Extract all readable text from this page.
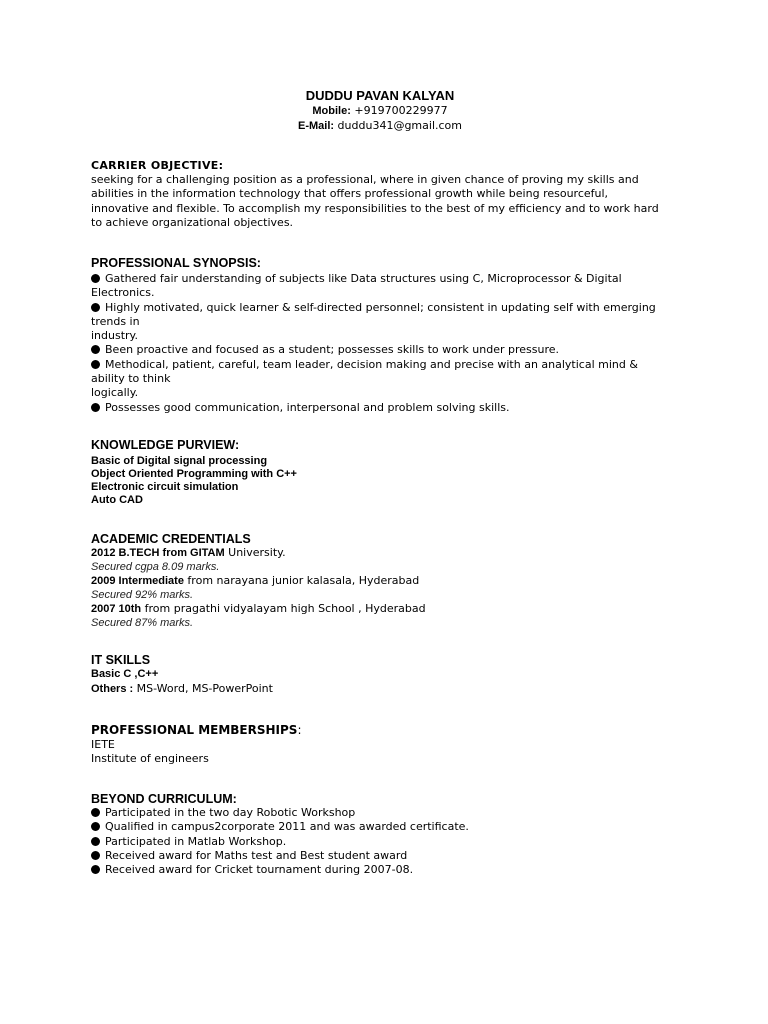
DUDDU PAVAN KALYAN
Mobile: +919700229977
E-Mail: duddu341@gmail.com
CARRIER OBJECTIVE:

seeking for a challenging position as a professional, where in given chance of proving my skills and

abilities in the information technology that offers professional growth while being resourceful,

innovative and flexible. To accomplish my responsibilities to the best of my efficiency and to work hard

to achieve organizational objectives.

PROFESSIONAL SYNOPSIS:

Gathered fair understanding of subjects like Data structures using C, Microprocessor & Digital

Electronics.

Highly motivated, quick learner & self-directed personnel; consistent in updating self with emerging

trends in

industry.

Been proactive and focused as a student; possesses skills to work under pressure.

Methodical, patient, careful, team leader, decision making and precise with an analytical mind &

ability to think

logically.

Possesses good communication, interpersonal and problem solving skills.

KNOWLEDGE PURVIEW:

Basic of Digital signal processing

Object Oriented Programming with C++

Electronic circuit simulation

Auto CAD

ACADEMIC CREDENTIALS

2012 B.TECH from GITAM University.

Secured cgpa 8.09 marks.

2009 Intermediate from narayana junior kalasala, Hyderabad

Secured 92% marks.

2007 10th from pragathi vidyalayam high School , Hyderabad

Secured 87% marks.

IT SKILLS

Basic C ,C++

Others : MS-Word, MS-PowerPoint

PROFESSIONAL MEMBERSHIPS:

IETE

Institute of engineers

BEYOND CURRICULUM:

Participated in the two day Robotic Workshop

Qualified in campus2corporate 2011 and was awarded certificate.

Participated in Matlab Workshop.

Received award for Maths test and Best student award

Received award for Cricket tournament during 2007-08.
